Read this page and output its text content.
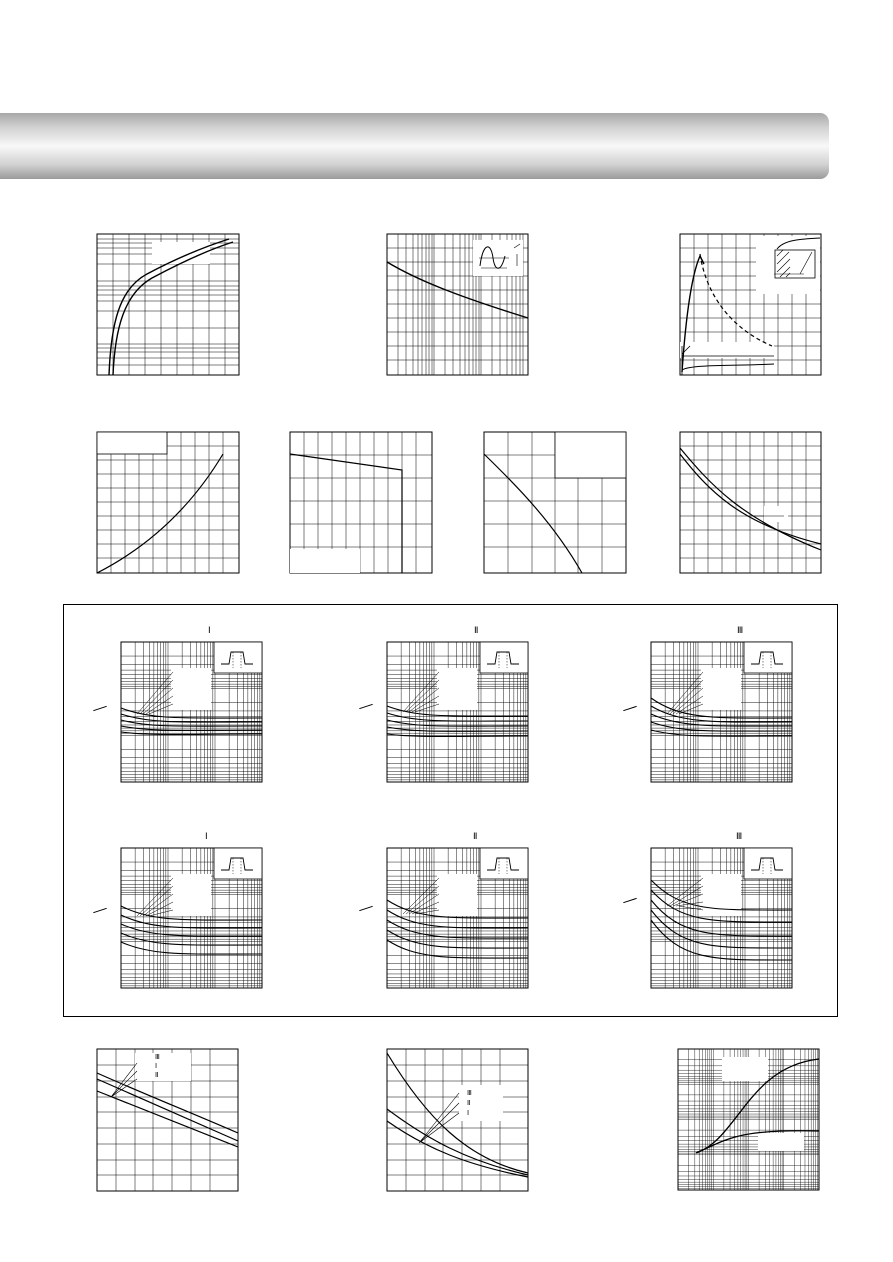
Ⅰ	Ⅱ	Ⅲ
Ⅰ	Ⅱ	Ⅲ
Ⅲ
Ⅰ
Ⅱ
Ⅲ
Ⅱ
Ⅰ
